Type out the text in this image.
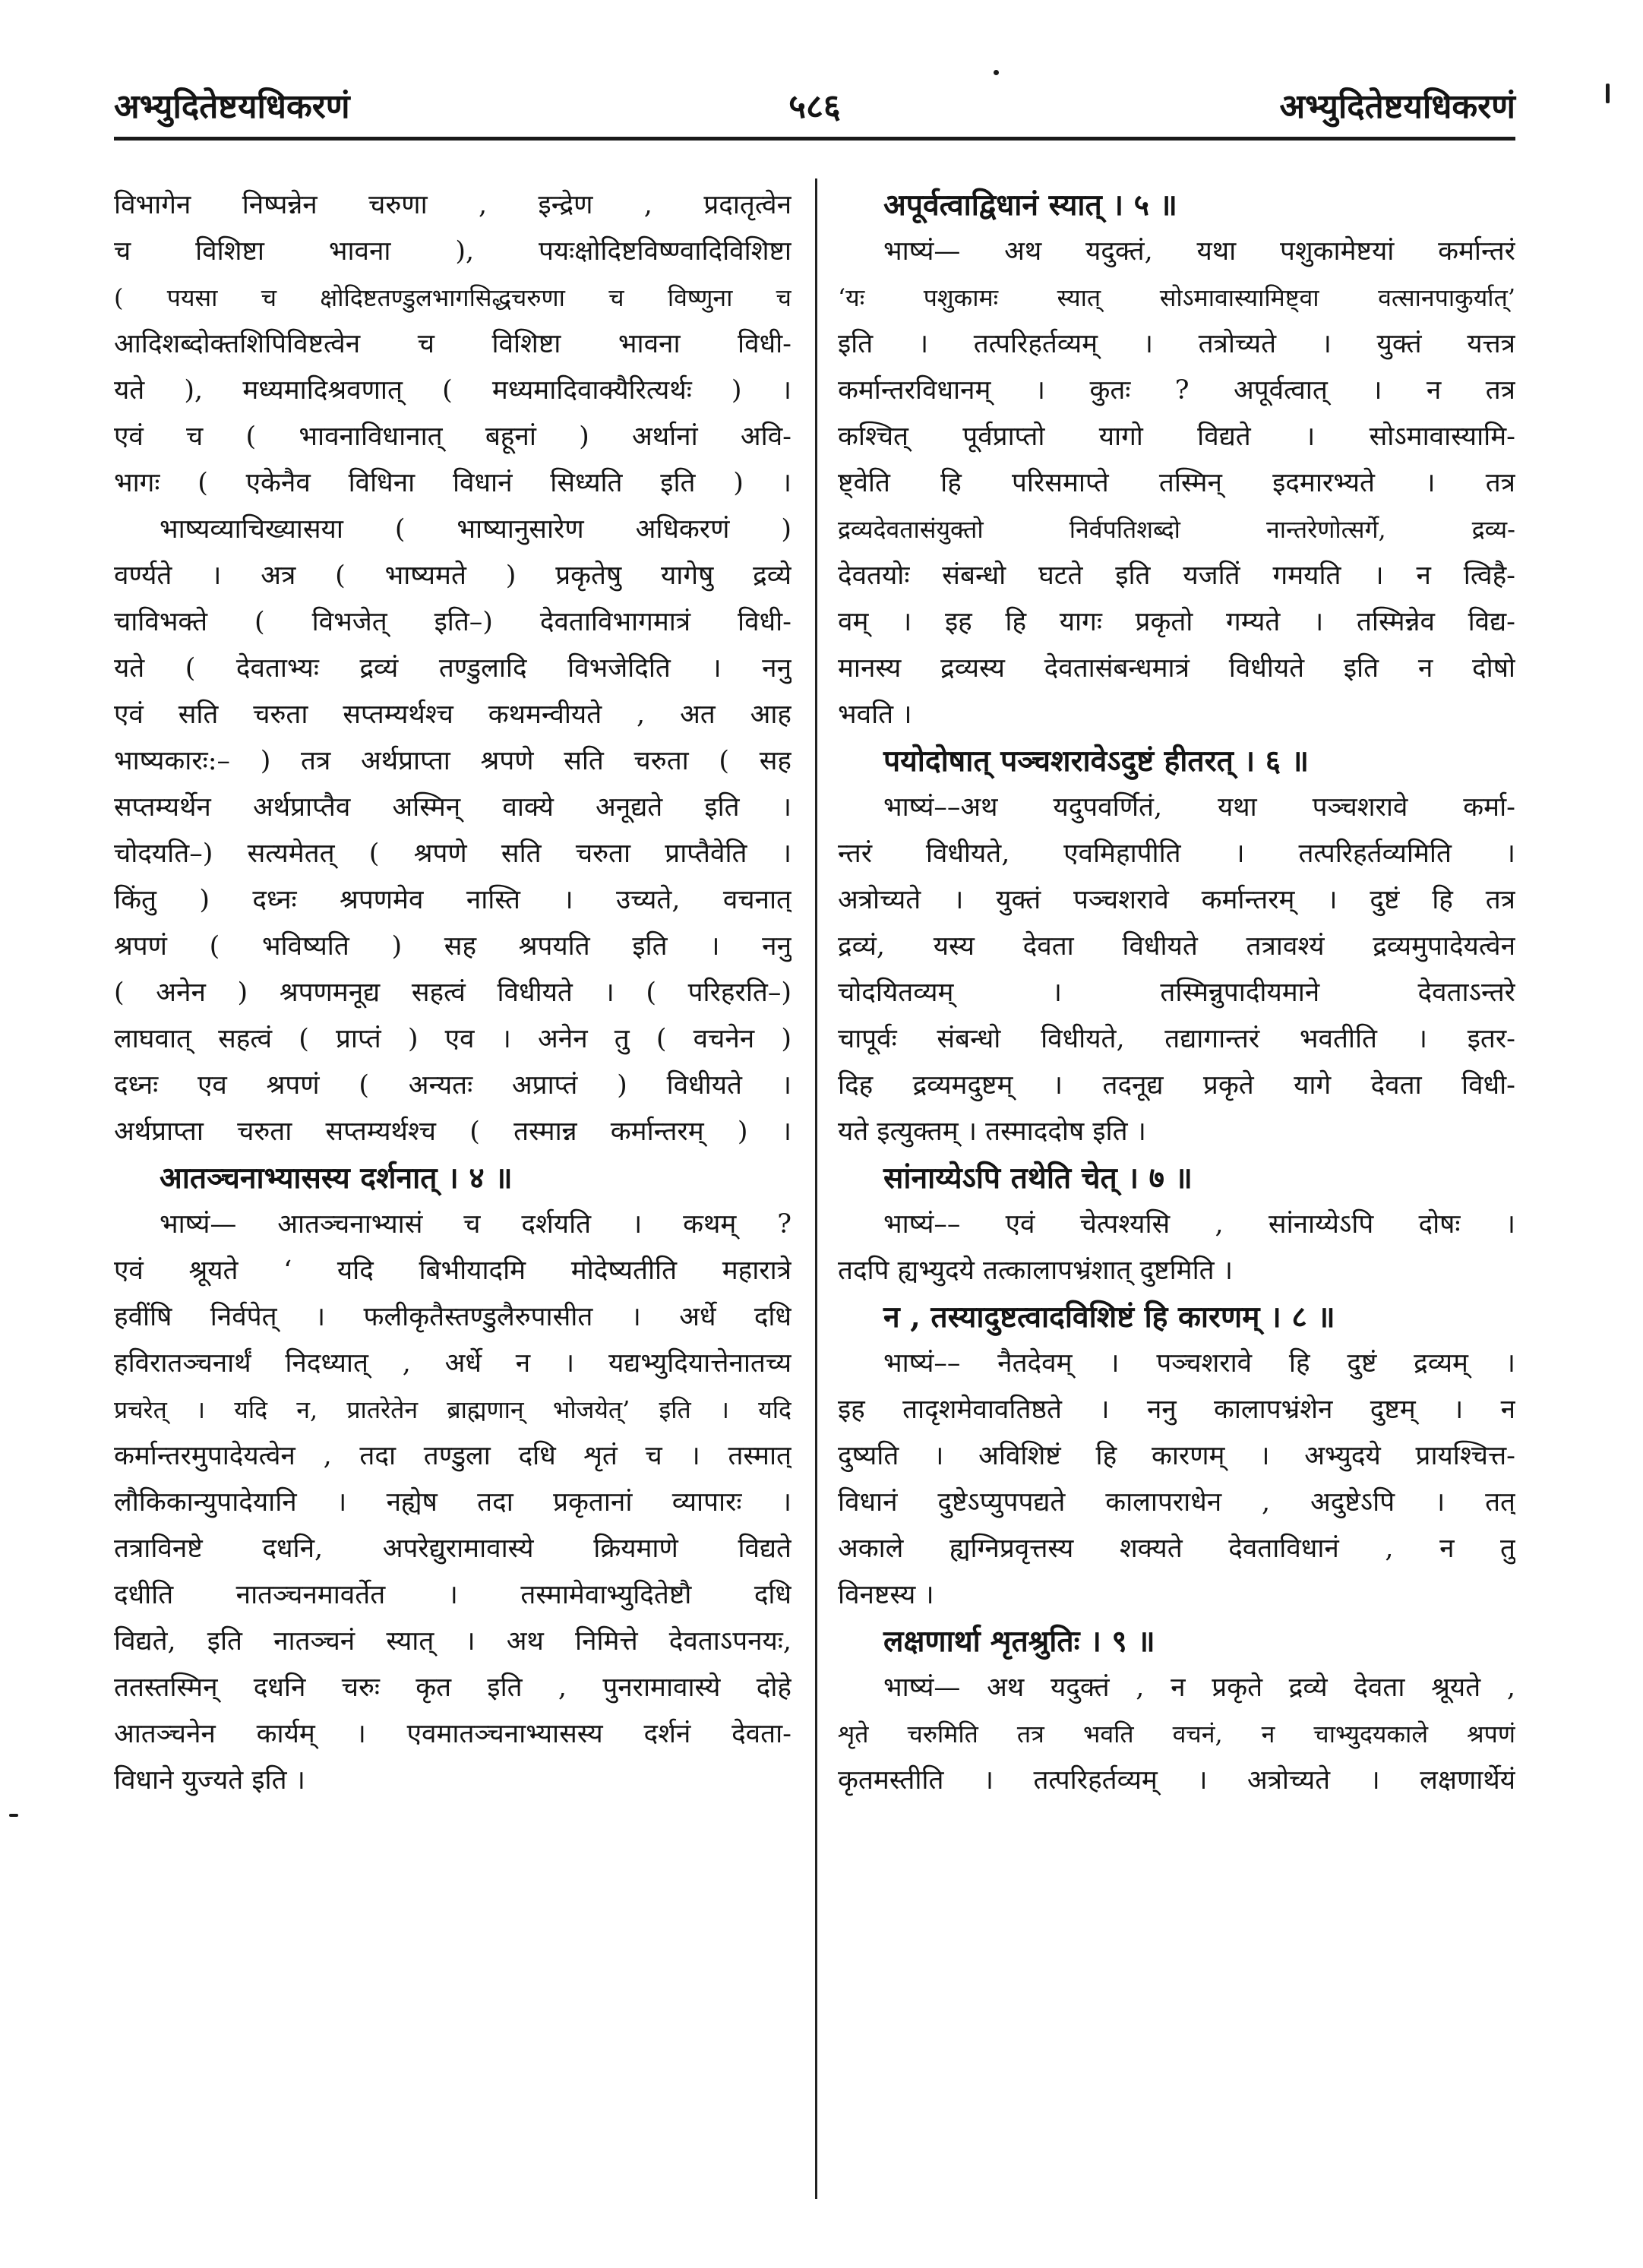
अभ्युदितेष्टयधिकरणं	५८६	अभ्युदितेष्टयधिकरणं
विभागेन निष्पन्नेन चरुणा , इन्द्रेण , प्रदातृत्वेन
च विशिष्टा भावना ), पयःक्षोदिष्टविष्ण्वादिविशिष्टा
( पयसा च क्षोदिष्टतण्डुलभागसिद्धचरुणा च विष्णुना च
आदिशब्दोक्तशिपिविष्टत्वेन च विशिष्टा भावना विधी-
यते ), मध्यमादिश्रवणात् ( मध्यमादिवाक्यैरित्यर्थः ) ।
एवं च ( भावनाविधानात् बहूनां ) अर्थानां अवि-
भागः ( एकेनैव विधिना विधानं सिध्यति इति ) ।
भाष्यव्याचिख्यासया ( भाष्यानुसारेण अधिकरणं )
वर्ण्यते । अत्र ( भाष्यमते ) प्रकृतेषु यागेषु द्रव्ये
चाविभक्ते ( विभजेत् इति–) देवताविभागमात्रं विधी-
यते ( देवताभ्यः द्रव्यं तण्डुलादि विभजेदिति । ननु
एवं सति चरुता सप्तम्यर्थश्च कथमन्वीयते , अत आह
भाष्यकारः:– ) तत्र अर्थप्राप्ता श्रपणे सति चरुता ( सह
सप्तम्यर्थेन अर्थप्राप्तैव अस्मिन् वाक्ये अनूद्यते इति ।
चोदयति–) सत्यमेतत् ( श्रपणे सति चरुता प्राप्तैवेति ।
किंतु ) दध्नः श्रपणमेव नास्ति । उच्यते, वचनात्
श्रपणं ( भविष्यति ) सह श्रपयति इति । ननु
( अनेन ) श्रपणमनूद्य सहत्वं विधीयते । ( परिहरति–)
लाघवात् सहत्वं ( प्राप्तं ) एव । अनेन तु ( वचनेन )
दध्नः एव श्रपणं ( अन्यतः अप्राप्तं ) विधीयते ।
अर्थप्राप्ता चरुता सप्तम्यर्थश्च ( तस्मान्न कर्मान्तरम् ) ।
आतञ्चनाभ्यासस्य दर्शनात् । ४ ॥
भाष्यं— आतञ्चनाभ्यासं च दर्शयति । कथम् ?
एवं श्रूयते ‘ यदि बिभीयादमि मोदेष्यतीति महारात्रे
हवींषि निर्वपेत् । फलीकृतैस्तण्डुलैरुपासीत । अर्धे दधि
हविरातञ्चनार्थं निदध्यात् , अर्धे न । यद्यभ्युदियात्तेनातच्य
प्रचरेत् । यदि न, प्रातरेतेन ब्राह्मणान् भोजयेत्’ इति । यदि
कर्मान्तरमुपादेयत्वेन , तदा तण्डुला दधि शृतं च । तस्मात्
लौकिकान्युपादेयानि । नह्येष तदा प्रकृतानां व्यापारः ।
तत्राविनष्टे दधनि, अपरेद्युरामावास्ये क्रियमाणे विद्यते
दधीति नातञ्चनमावर्तेत । तस्मामेवाभ्युदितेष्टौ दधि
विद्यते, इति नातञ्चनं स्यात् । अथ निमित्ते देवताऽपनयः,
ततस्तस्मिन् दधनि चरुः कृत इति , पुनरामावास्ये दोहे
आतञ्चनेन कार्यम् । एवमातञ्चनाभ्यासस्य दर्शनं देवता-
विधाने युज्यते इति ।
अपूर्वत्वाद्विधानं स्यात् । ५ ॥
भाष्यं— अथ यदुक्तं, यथा पशुकामेष्टयां कर्मान्तरं
‘यः पशुकामः स्यात् सोऽमावास्यामिष्ट्वा वत्सानपाकुर्यात्’
इति । तत्परिहर्तव्यम् । तत्रोच्यते । युक्तं यत्तत्र
कर्मान्तरविधानम् । कुतः ? अपूर्वत्वात् । न तत्र
कश्चित् पूर्वप्राप्तो यागो विद्यते । सोऽमावास्यामि-
ष्ट्वेति हि परिसमाप्ते तस्मिन् इदमारभ्यते । तत्र
द्रव्यदेवतासंयुक्तो निर्वपतिशब्दो नान्तरेणोत्सर्गे, द्रव्य-
देवतयोः संबन्धो घटते इति यजतिं गमयति । न त्विहै-
वम् । इह हि यागः प्रकृतो गम्यते । तस्मिन्नेव विद्य-
मानस्य द्रव्यस्य देवतासंबन्धमात्रं विधीयते इति न दोषो
भवति ।
पयोदोषात् पञ्चशरावेऽदुष्टं हीतरत् । ६ ॥
भाष्यं––अथ यदुपवर्णितं, यथा पञ्चशरावे कर्मा-
न्तरं विधीयते, एवमिहापीति । तत्परिहर्तव्यमिति ।
अत्रोच्यते । युक्तं पञ्चशरावे कर्मान्तरम् । दुष्टं हि तत्र
द्रव्यं, यस्य देवता विधीयते तत्रावश्यं द्रव्यमुपादेयत्वेन
चोदयितव्यम् । तस्मिन्नुपादीयमाने देवताऽन्तरे
चापूर्वः संबन्धो विधीयते, तद्यागान्तरं भवतीति । इतर-
दिह द्रव्यमदुष्टम् । तदनूद्य प्रकृते यागे देवता विधी-
यते इत्युक्तम् । तस्माददोष इति ।
सांनाय्येऽपि तथेति चेत् । ७ ॥
भाष्यं–– एवं चेत्पश्यसि , सांनाय्येऽपि दोषः ।
तदपि ह्यभ्युदये तत्कालापभ्रंशात् दुष्टमिति ।
न , तस्यादुष्टत्वादविशिष्टं हि कारणम् । ८ ॥
भाष्यं–– नैतदेवम् । पञ्चशरावे हि दुष्टं द्रव्यम् ।
इह तादृशमेवावतिष्ठते । ननु कालापभ्रंशेन दुष्टम् । न
दुष्यति । अविशिष्टं हि कारणम् । अभ्युदये प्रायश्चित्त-
विधानं दुष्टेऽप्युपपद्यते कालापराधेन , अदुष्टेऽपि । तत्
अकाले ह्यग्निप्रवृत्तस्य शक्यते देवताविधानं , न तु
विनष्टस्य ।
लक्षणार्था शृतश्रुतिः । ९ ॥
भाष्यं— अथ यदुक्तं , न प्रकृते द्रव्ये देवता श्रूयते ,
शृते चरुमिति तत्र भवति वचनं, न चाभ्युदयकाले श्रपणं
कृतमस्तीति । तत्परिहर्तव्यम् । अत्रोच्यते । लक्षणार्थेयं
